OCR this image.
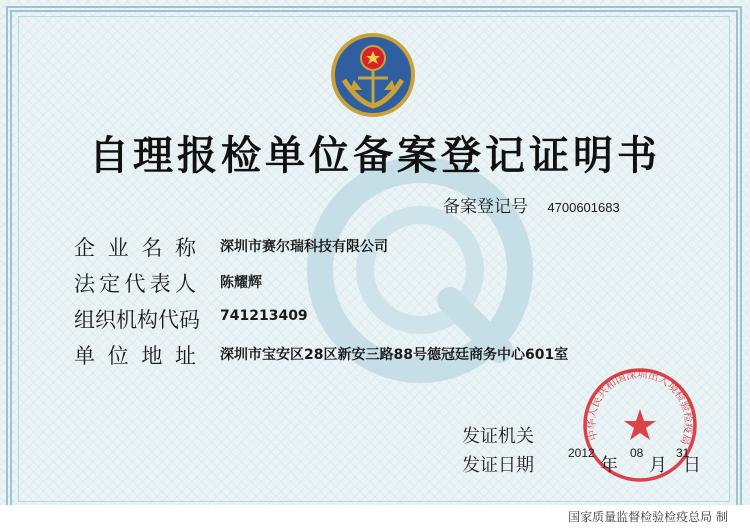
自理报检单位备案登记证明书
备案登记号 4700601683
企业名称 深圳市赛尔瑞科技有限公司
法定代表人 陈耀辉
组织机构代码 741213409
单位地址 深圳市宝安区28区新安三路88号德冠廷商务中心601室
中华人民共和国深圳出入境检验检疫局
发证机关
发证日期
2012
年
08
月
31
日
国家质量监督检验检疫总局 制
